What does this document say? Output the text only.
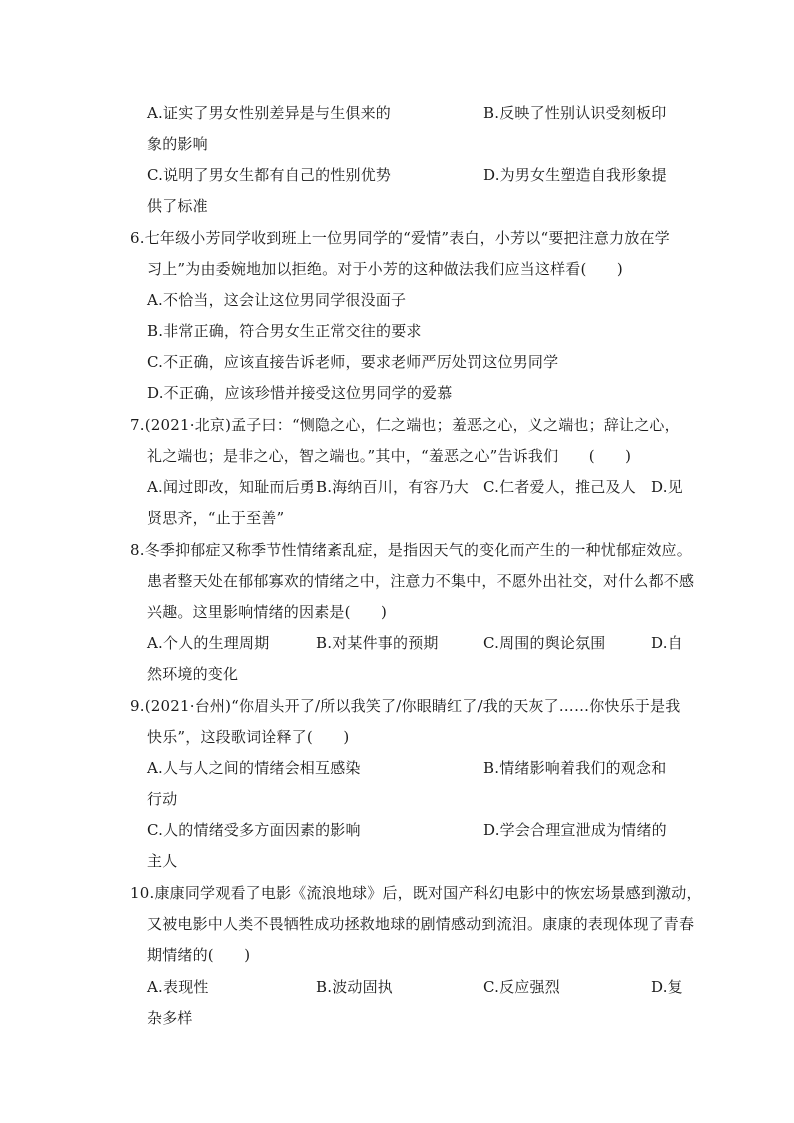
A.证实了男女性别差异是与生俱来的	B.反映了性别认识受刻板印
象的影响
C.说明了男女生都有自己的性别优势	D.为男女生塑造自我形象提
供了标准
6.七年级小芳同学收到班上一位男同学的“爱情”表白，小芳以“要把注意力放在学
习上”为由委婉地加以拒绝。对于小芳的这种做法我们应当这样看(　　)
A.不恰当，这会让这位男同学很没面子
B.非常正确，符合男女生正常交往的要求
C.不正确，应该直接告诉老师，要求老师严厉处罚这位男同学
D.不正确，应该珍惜并接受这位男同学的爱慕
7.(2021·北京)孟子曰：“恻隐之心，仁之端也；羞恶之心，义之端也；辞让之心，
礼之端也；是非之心，智之端也。”其中，“羞恶之心”告诉我们　　(　　)
A.闻过即改，知耻而后勇 B.海纳百川，有容乃大 C.仁者爱人，推己及人 D.见
贤思齐，“止于至善”
8.冬季抑郁症又称季节性情绪紊乱症，是指因天气的变化而产生的一种忧郁症效应。
患者整天处在郁郁寡欢的情绪之中，注意力不集中，不愿外出社交，对什么都不感
兴趣。这里影响情绪的因素是(　　)
A.个人的生理周期	B.对某件事的预期	C.周围的舆论氛围	D.自
然环境的变化
9.(2021·台州)“你眉头开了/所以我笑了/你眼睛红了/我的天灰了……你快乐于是我
快乐”，这段歌词诠释了(　　)
A.人与人之间的情绪会相互感染	B.情绪影响着我们的观念和
行动
C.人的情绪受多方面因素的影响	D.学会合理宣泄成为情绪的
主人
10.康康同学观看了电影《流浪地球》后，既对国产科幻电影中的恢宏场景感到激动，
又被电影中人类不畏牺牲成功拯救地球的剧情感动到流泪。康康的表现体现了青春
期情绪的(　　)
A.表现性	B.波动固执	C.反应强烈	D.复
杂多样
